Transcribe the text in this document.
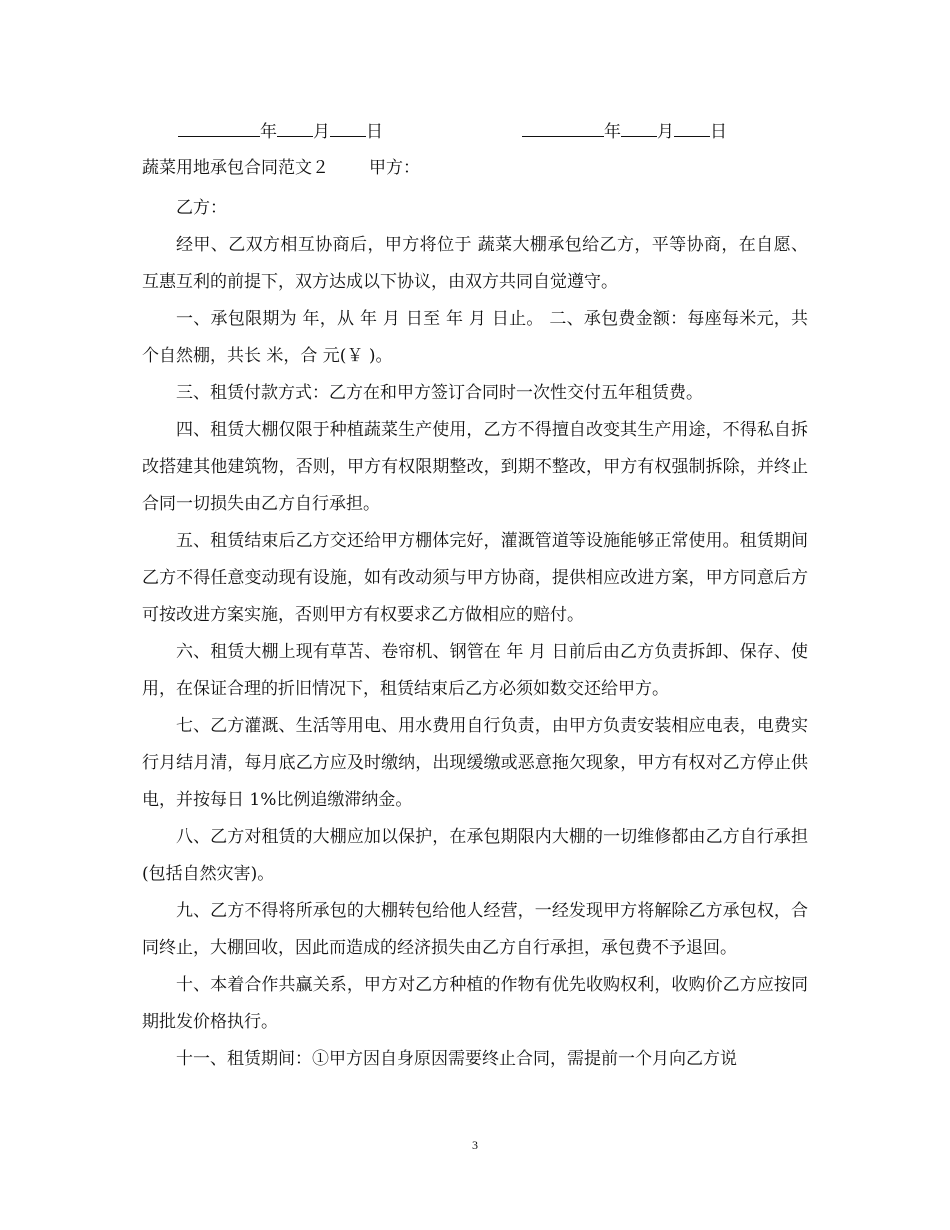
年 月 日	年 月 日
蔬菜用地承包合同范文２ 甲方：

乙方：

经甲、乙双方相互协商后，甲方将位于 蔬菜大棚承包给乙方，平等协商，在自愿、互惠互利的前提下，双方达成以下协议，由双方共同自觉遵守。

一、承包限期为 年，从 年 月 日至 年 月 日止。 二、承包费金额：每座每米元，共 个自然棚，共长 米，合 元(￥ )。

三、租赁付款方式：乙方在和甲方签订合同时一次性交付五年租赁费。

四、租赁大棚仅限于种植蔬菜生产使用，乙方不得擅自改变其生产用途，不得私自拆改搭建其他建筑物，否则，甲方有权限期整改，到期不整改，甲方有权强制拆除，并终止合同一切损失由乙方自行承担。

五、租赁结束后乙方交还给甲方棚体完好，灌溉管道等设施能够正常使用。租赁期间乙方不得任意变动现有设施，如有改动须与甲方协商，提供相应改进方案，甲方同意后方可按改进方案实施，否则甲方有权要求乙方做相应的赔付。

六、租赁大棚上现有草苫、卷帘机、钢管在 年 月 日前后由乙方负责拆卸、保存、使用，在保证合理的折旧情况下，租赁结束后乙方必须如数交还给甲方。

七、乙方灌溉、生活等用电、用水费用自行负责，由甲方负责安装相应电表，电费实行月结月清，每月底乙方应及时缴纳，出现缓缴或恶意拖欠现象，甲方有权对乙方停止供电，并按每日 1%比例追缴滞纳金。

八、乙方对租赁的大棚应加以保护，在承包期限内大棚的一切维修都由乙方自行承担(包括自然灾害)。

九、乙方不得将所承包的大棚转包给他人经营，一经发现甲方将解除乙方承包权，合同终止，大棚回收，因此而造成的经济损失由乙方自行承担，承包费不予退回。

十、本着合作共赢关系，甲方对乙方种植的作物有优先收购权利，收购价乙方应按同期批发价格执行。

十一、租赁期间：①甲方因自身原因需要终止合同，需提前一个月向乙方说

3
